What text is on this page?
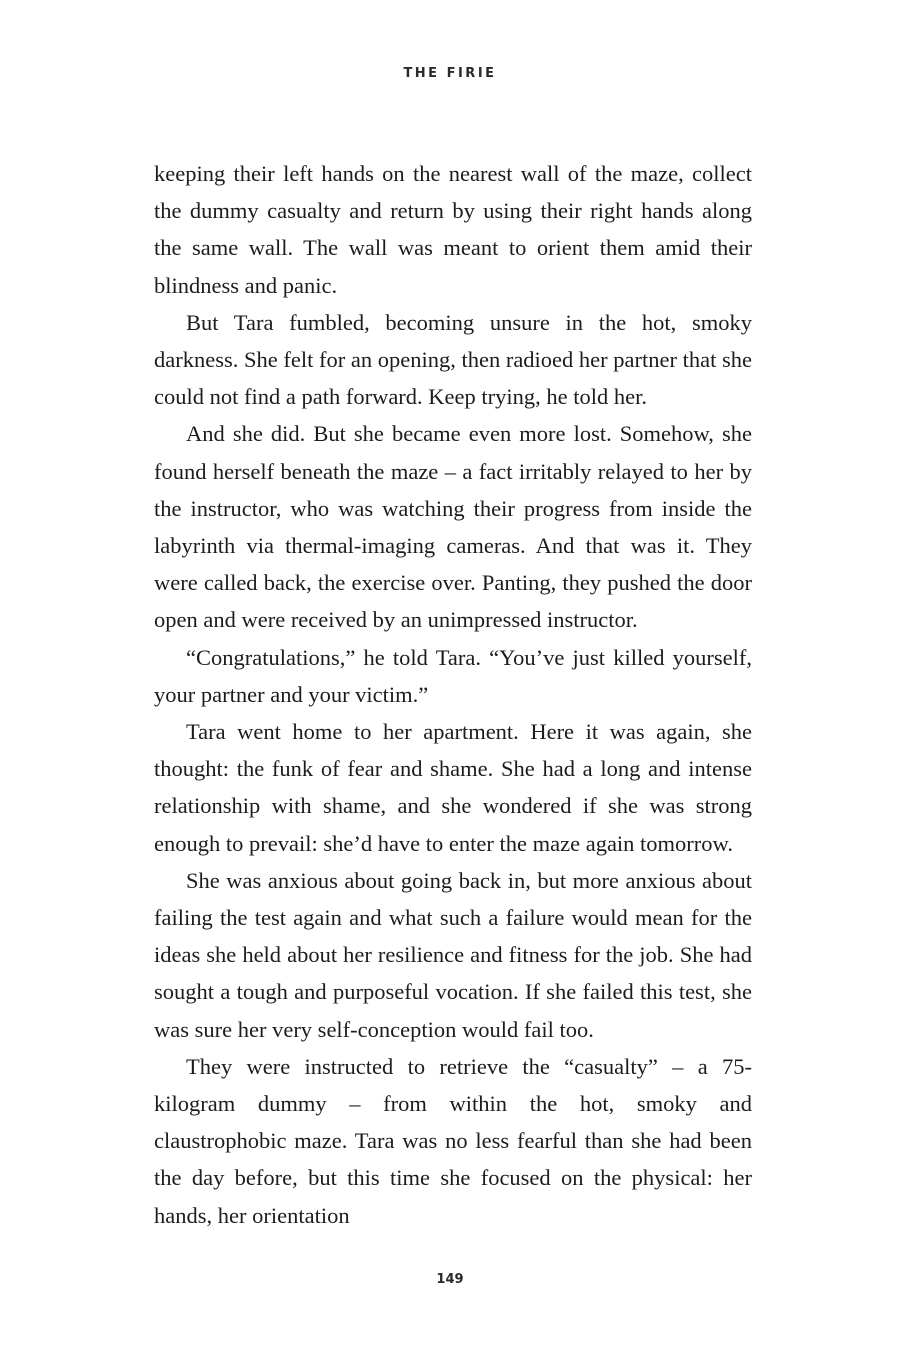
THE FIRIE

keeping their left hands on the nearest wall of the maze, collect the dummy casualty and return by using their right hands along the same wall. The wall was meant to orient them amid their blindness and panic.

But Tara fumbled, becoming unsure in the hot, smoky darkness. She felt for an opening, then radioed her partner that she could not find a path forward. Keep trying, he told her.

And she did. But she became even more lost. Somehow, she found herself beneath the maze – a fact irritably relayed to her by the instructor, who was watching their progress from inside the labyrinth via thermal-imaging cameras. And that was it. They were called back, the exercise over. Panting, they pushed the door open and were received by an unimpressed instructor.

“Congratulations,” he told Tara. “You’ve just killed yourself, your partner and your victim.”

Tara went home to her apartment. Here it was again, she thought: the funk of fear and shame. She had a long and intense relationship with shame, and she wondered if she was strong enough to prevail: she’d have to enter the maze again tomorrow.

She was anxious about going back in, but more anxious about failing the test again and what such a failure would mean for the ideas she held about her resilience and fitness for the job. She had sought a tough and purposeful vocation. If she failed this test, she was sure her very self-conception would fail too.

They were instructed to retrieve the “casualty” – a 75-kilogram dummy – from within the hot, smoky and claustrophobic maze. Tara was no less fearful than she had been the day before, but this time she focused on the physical: her hands, her orientation

149
